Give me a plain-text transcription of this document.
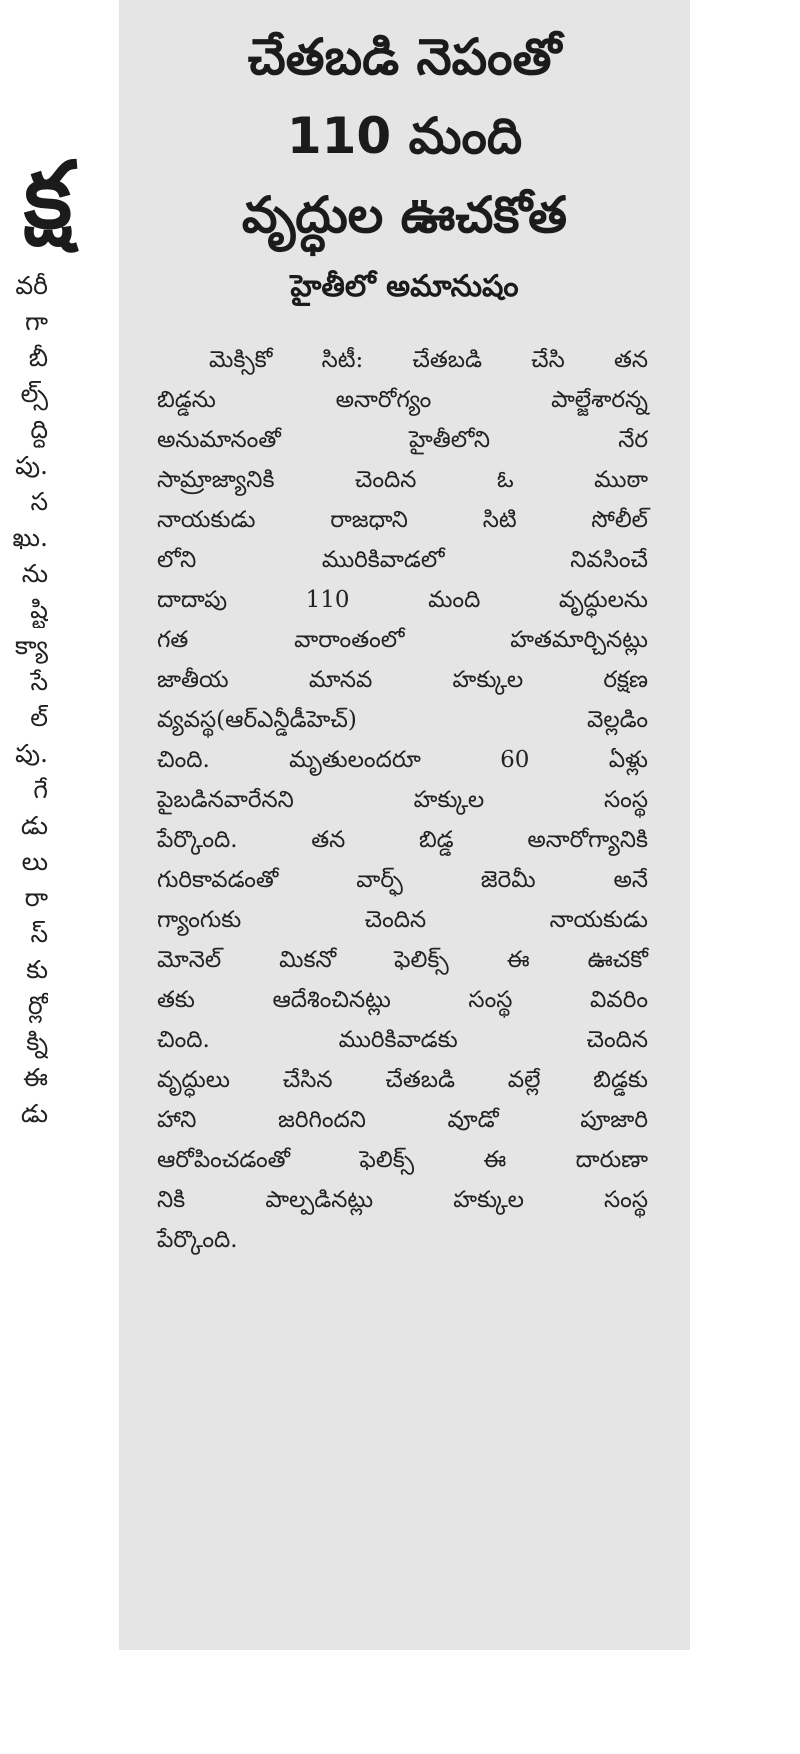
క్ష
వరీ
గా
బీ
ల్స్
ద్ధి
పు.
స
ఖు.
ను
ష్టి
క్యా
సే
ల్
పు.
గే
డు
లు
రా
స్
కు
ర్లో
క్ని
ఈ
డు
చేతబడి నెపంతో
110 మంది
వృద్ధుల ఊచకోత
హైతీలో అమానుషం
మెక్సికో సిటీ: చేతబడి చేసి తన
బిడ్డను అనారోగ్యం పాల్జేశారన్న
అనుమానంతో హైతీలోని నేర
సామ్రాజ్యానికి చెందిన ఓ ముఠా
నాయకుడు రాజధాని సిటి సోలీల్
లోని మురికివాడలో నివసించే
దాదాపు 110 మంది వృద్ధులను
గత వారాంతంలో హతమార్చినట్లు
జాతీయ మానవ హక్కుల రక్షణ
వ్యవస్థ(ఆర్ఎన్డీడీహెచ్) వెల్లడిం
చింది. మృతులందరూ 60 ఏళ్లు
పైబడినవారేనని హక్కుల సంస్థ
పేర్కొంది. తన బిడ్డ అనారోగ్యానికి
గురికావడంతో వార్ఫ్ జెరెమీ అనే
గ్యాంగుకు చెందిన నాయకుడు
మోనెల్ మికనో ఫెలిక్స్ ఈ ఊచకో
తకు ఆదేశించినట్లు సంస్థ వివరిం
చింది. మురికివాడకు చెందిన
వృద్ధులు చేసిన చేతబడి వల్లే బిడ్డకు
హాని జరిగిందని వూడో పూజారి
ఆరోపించడంతో ఫెలిక్స్ ఈ దారుణా
నికి పాల్పడినట్లు హక్కుల సంస్థ
పేర్కొంది.
